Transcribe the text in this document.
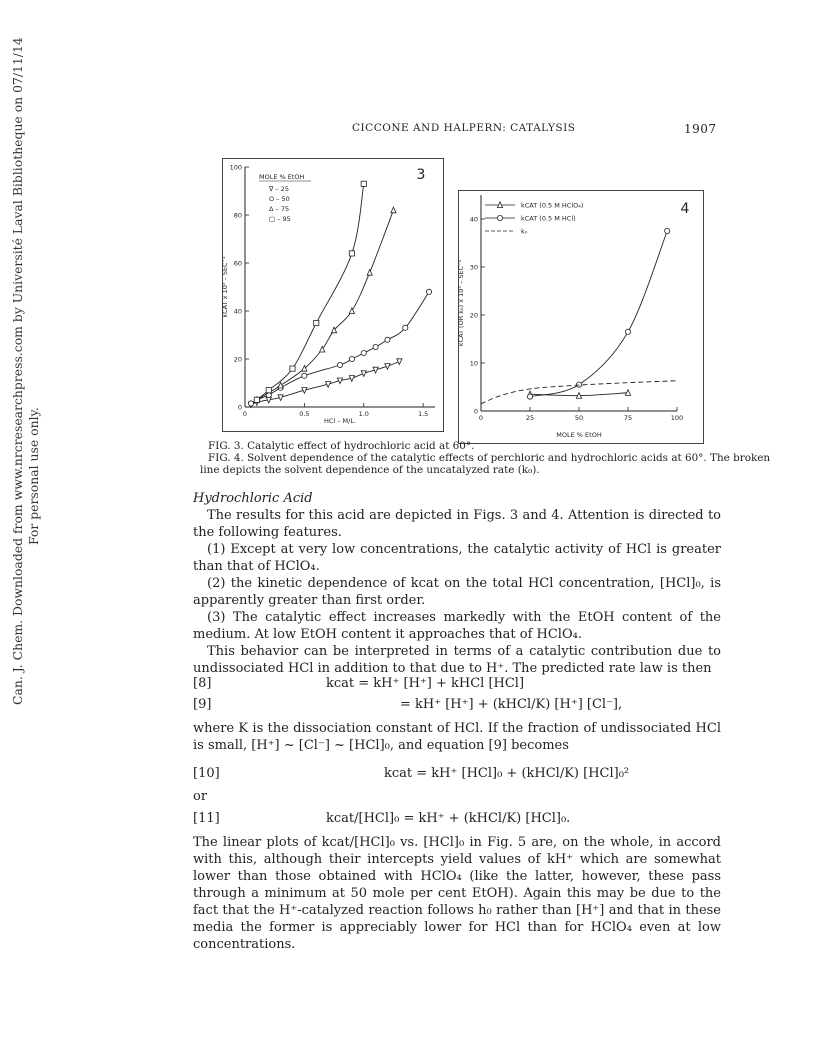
Can. J. Chem. Downloaded from www.nrcresearchpress.com by Université Laval Bibliotheque on 07/11/14 For personal use only.
CICCONE AND HALPERN: CATALYSIS	1907
0	0.5	1.0	1.5
0
20
40
60
80
100
HCl – M/L.
kCAT x 10⁵ – SEC⁻¹
3
MOLE % EtOH
∇ – 25
O – 50
Δ – 75
□ – 95
0	25	50	75	100
0
10
20
30
40
MOLE % EtOH
kCAT (OR k₀) x 10⁵ – SEC⁻¹
4
kCAT (0.5 M HClO₄)
kCAT (0.5 M HCl)
k₀
FIG. 3. Catalytic effect of hydrochloric acid at 60°.
FIG. 4. Solvent dependence of the catalytic effects of perchloric and hydrochloric acids at 60°. The broken
line depicts the solvent dependence of the uncatalyzed rate (k₀).
Hydrochloric Acid
The results for this acid are depicted in Figs. 3 and 4. Attention is directed to the following features.
(1) Except at very low concentrations, the catalytic activity of HCl is greater than that of HClO₄.
(2) the kinetic dependence of kcat on the total HCl concentration, [HCl]₀, is apparently greater than first order.
(3) The catalytic effect increases markedly with the EtOH content of the medium. At low EtOH content it approaches that of HClO₄.
This behavior can be interpreted in terms of a catalytic contribution due to undissociated HCl in addition to that due to H⁺. The predicted rate law is then
[8]	kcat = kH⁺ [H⁺] + kHCl [HCl]
[9]	= kH⁺ [H⁺] + (kHCl/K) [H⁺] [Cl⁻],
where K is the dissociation constant of HCl. If the fraction of undissociated HCl is small, [H⁺] ~ [Cl⁻] ~ [HCl]₀, and equation [9] becomes
[10]	kcat = kH⁺ [HCl]₀ + (kHCl/K) [HCl]₀²
or
[11]	kcat/[HCl]₀ = kH⁺ + (kHCl/K) [HCl]₀.
The linear plots of kcat/[HCl]₀ vs. [HCl]₀ in Fig. 5 are, on the whole, in accord with this, although their intercepts yield values of kH⁺ which are somewhat lower than those obtained with HClO₄ (like the latter, however, these pass through a minimum at 50 mole per cent EtOH). Again this may be due to the fact that the H⁺-catalyzed reaction follows h₀ rather than [H⁺] and that in these media the former is appreciably lower for HCl than for HClO₄ even at low concentrations.
